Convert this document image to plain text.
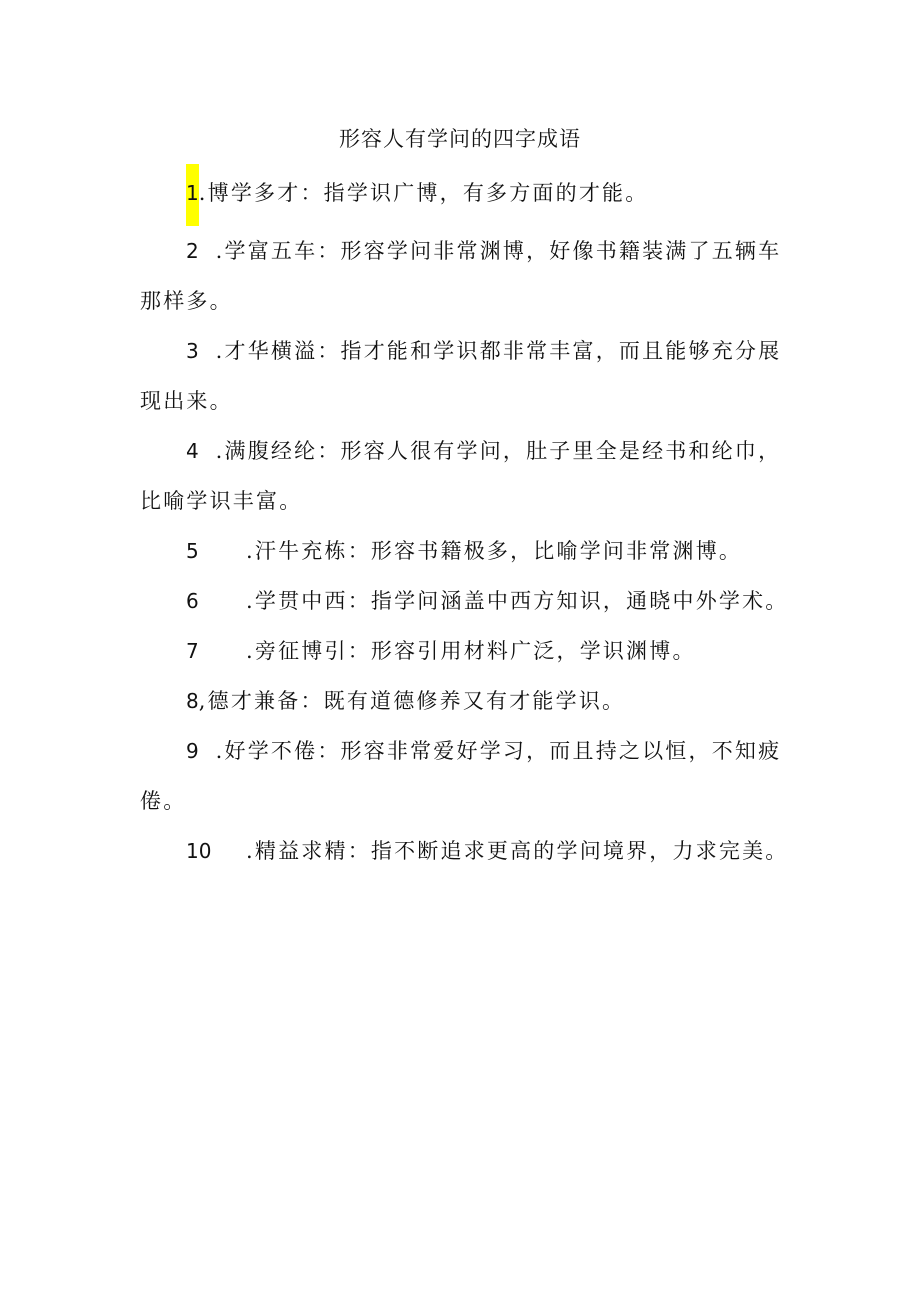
形容人有学问的四字成语

1.博学多才：指学识广博，有多方面的才能。

2 .学富五车：形容学问非常渊博，好像书籍装满了五辆车
那样多。

3 .才华横溢：指才能和学识都非常丰富，而且能够充分展
现出来。

4 .满腹经纶：形容人很有学问，肚子里全是经书和纶巾，
比喻学识丰富。

5 .汗牛充栋：形容书籍极多，比喻学问非常渊博。

6 .学贯中西：指学问涵盖中西方知识，通晓中外学术。

7 .旁征博引：形容引用材料广泛，学识渊博。

8,德才兼备：既有道德修养又有才能学识。

9 .好学不倦：形容非常爱好学习，而且持之以恒，不知疲
倦。

10 .精益求精：指不断追求更高的学问境界，力求完美。
